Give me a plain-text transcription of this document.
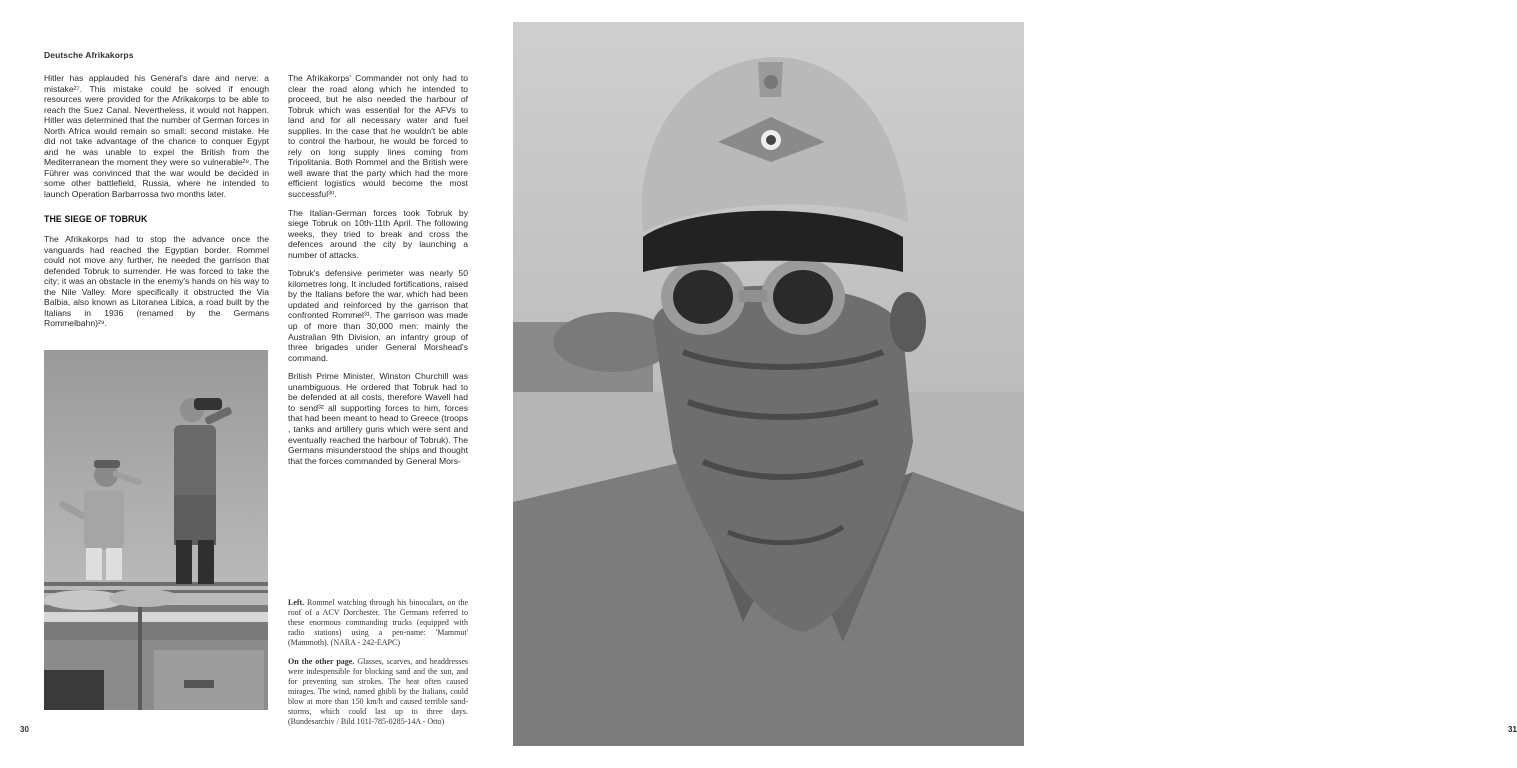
Deutsche Afrikakorps

Hitler has applauded his General's dare and nerve: a mistake²⁷. This mistake could be solved if enough resources were provided for the Afrikakorps to be able to reach the Suez Canal. Nevertheless, it would not happen. Hitler was determined that the number of German forces in North Africa would remain so small: second mistake. He did not take advantage of the chance to conquer Egypt and he was unable to expel the British from the Mediterranean the moment they were so vulnerable²⁸. The Führer was convinced that the war would be decided in some other battlefield, Russia, where he intended to launch Operation Barbarrossa two months later.

THE SIEGE OF TOBRUK

The Afrikakorps had to stop the advance once the vanguards had reached the Egyptian border. Rommel could not move any further, he needed the garrison that defended Tobruk to surrender. He was forced to take the city; it was an obstacle in the enemy's hands on his way to the Nile Valley. More specifically it obstructed the Via Balbia, also known as Litoranea Libica, a road built by the Italians in 1936 (renamed by the Germans Rommelbahn)²⁹.

The Afrikakorps' Commander not only had to clear the road along which he intended to proceed, but he also needed the harbour of Tobruk which was essential for the AFVs to land and for all necessary water and fuel supplies. In the case that he wouldn't be able to control the harbour, he would be forced to rely on long supply lines coming from Tripolitania. Both Rommel and the British were well aware that the party which had the more efficient logistics would become the most successful³⁰.

The Italian-German forces took Tobruk by siege Tobruk on 10th-11th April. The following weeks, they tried to break and cross the defences around the city by launching a number of attacks.

Tobruk's defensive perimeter was nearly 50 kilometres long. It included fortifications, raised by the Italians before the war, which had been updated and reinforced by the garrison that confronted Rommel³¹. The garrison was made up of more than 30,000 men: mainly the Australian 9th Division, an infantry group of three brigades under General Morshead's command.

British Prime Minister, Winston Churchill was unambiguous. He ordered that Tobruk had to be defended at all costs, therefore Wavell had to send³² all supporting forces to him, forces that had been meant to head to Greece (troops , tanks and artillery guns which were sent and eventually reached the harbour of Tobruk). The Germans misunderstood the ships and thought that the forces commanded by General Mors-

Left. Rommel watching through his binoculars, on the roof of a ACV Dorchester. The Germans referred to these enormous commanding trucks (equipped with radio stations) using a pen-name: 'Mammut' (Mammoth). (NARA - 242-EAPC)

On the other page. Glasses, scarves, and headdresses were indespensible for blocking sand and the sun, and for preventing sun strokes. The heat often caused mirages. The wind, named ghibli by the Italians, could blow at more than 150 km/h and caused terrible sand-storms, which could last up to three days. (Bundesarchiv / Bild 101I-785-0285-14A - Otto)

30	31
